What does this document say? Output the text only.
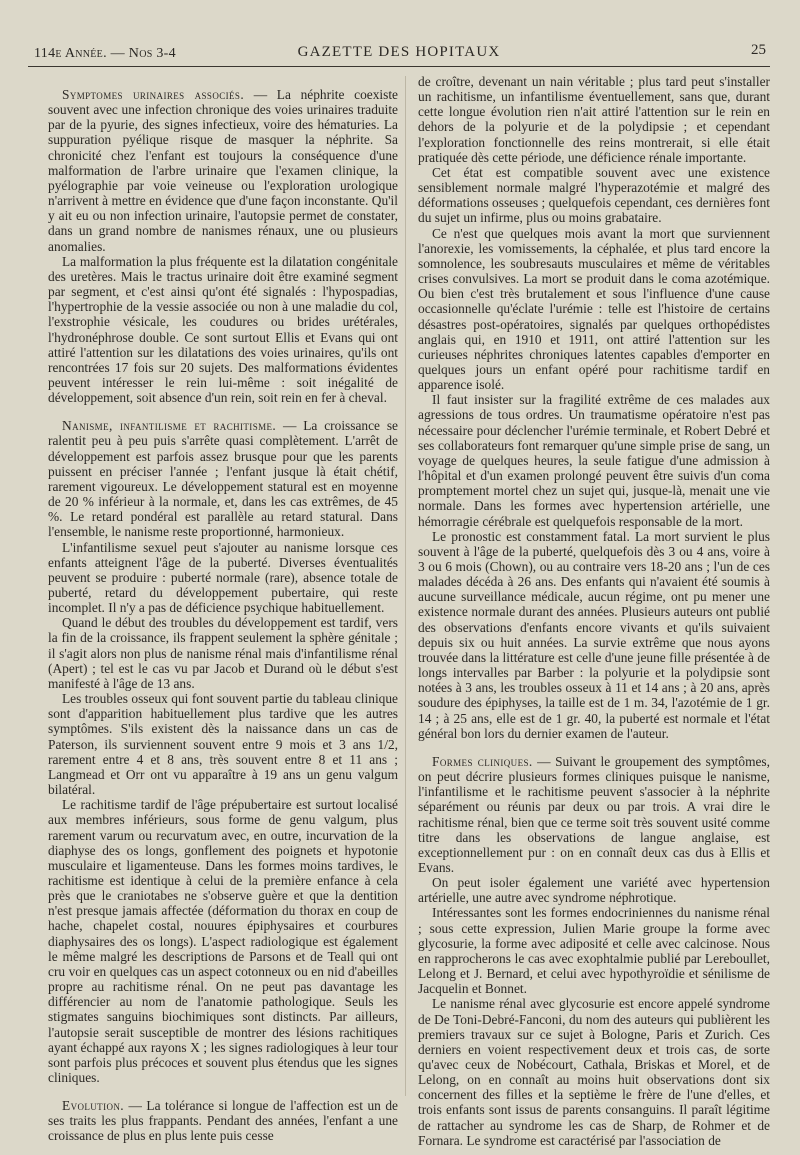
114e Année. — Nos 3-4	GAZETTE DES HOPITAUX	25

Symptomes urinaires associés. — La néphrite coexiste souvent avec une infection chronique des voies urinaires traduite par de la pyurie, des signes infectieux, voire des hématuries. La suppuration pyélique risque de masquer la néphrite. Sa chronicité chez l'enfant est toujours la conséquence d'une malformation de l'arbre urinaire que l'examen clinique, la pyélographie par voie veineuse ou l'exploration urologique n'arrivent à mettre en évidence que d'une façon inconstante. Qu'il y ait eu ou non infection urinaire, l'autopsie permet de constater, dans un grand nombre de nanismes rénaux, une ou plusieurs anomalies.

La malformation la plus fréquente est la dilatation congénitale des uretères. Mais le tractus urinaire doit être examiné segment par segment, et c'est ainsi qu'ont été signalés : l'hypospadias, l'hypertrophie de la vessie associée ou non à une maladie du col, l'exstrophie vésicale, les coudures ou brides urétérales, l'hydronéphrose double. Ce sont surtout Ellis et Evans qui ont attiré l'attention sur les dilatations des voies urinaires, qu'ils ont rencontrées 17 fois sur 20 sujets. Des malformations évidentes peuvent intéresser le rein lui-même : soit inégalité de développement, soit absence d'un rein, soit rein en fer à cheval.

Nanisme, infantilisme et rachitisme. — La croissance se ralentit peu à peu puis s'arrête quasi complètement. L'arrêt de développement est parfois assez brusque pour que les parents puissent en préciser l'année ; l'enfant jusque là était chétif, rarement vigoureux. Le développement statural est en moyenne de 20 % inférieur à la normale, et, dans les cas extrêmes, de 45 %. Le retard pondéral est parallèle au retard statural. Dans l'ensemble, le nanisme reste proportionné, harmonieux.

L'infantilisme sexuel peut s'ajouter au nanisme lorsque ces enfants atteignent l'âge de la puberté. Diverses éventualités peuvent se produire : puberté normale (rare), absence totale de puberté, retard du développement pubertaire, qui reste incomplet. Il n'y a pas de déficience psychique habituellement.

Quand le début des troubles du développement est tardif, vers la fin de la croissance, ils frappent seulement la sphère génitale ; il s'agit alors non plus de nanisme rénal mais d'infantilisme rénal (Apert) ; tel est le cas vu par Jacob et Durand où le début s'est manifesté à l'âge de 13 ans.

Les troubles osseux qui font souvent partie du tableau clinique sont d'apparition habituellement plus tardive que les autres symptômes. S'ils existent dès la naissance dans un cas de Paterson, ils surviennent souvent entre 9 mois et 3 ans 1/2, rarement entre 4 et 8 ans, très souvent entre 8 et 11 ans ; Langmead et Orr ont vu apparaître à 19 ans un genu valgum bilatéral.

Le rachitisme tardif de l'âge prépubertaire est surtout localisé aux membres inférieurs, sous forme de genu valgum, plus rarement varum ou recurvatum avec, en outre, incurvation de la diaphyse des os longs, gonflement des poignets et hypotonie musculaire et ligamenteuse. Dans les formes moins tardives, le rachitisme est identique à celui de la première enfance à cela près que le craniotabes ne s'observe guère et que la dentition n'est presque jamais affectée (déformation du thorax en coup de hache, chapelet costal, nouures épiphysaires et courbures diaphysaires des os longs). L'aspect radiologique est également le même malgré les descriptions de Parsons et de Teall qui ont cru voir en quelques cas un aspect cotonneux ou en nid d'abeilles propre au rachitisme rénal. On ne peut pas davantage les différencier au nom de l'anatomie pathologique. Seuls les stigmates sanguins biochimiques sont distincts. Par ailleurs, l'autopsie serait susceptible de montrer des lésions rachitiques ayant échappé aux rayons X ; les signes radiologiques à leur tour sont parfois plus précoces et souvent plus étendus que les signes cliniques.

Evolution. — La tolérance si longue de l'affection est un de ses traits les plus frappants. Pendant des années, l'enfant a une croissance de plus en plus lente puis cesse

de croître, devenant un nain véritable ; plus tard peut s'installer un rachitisme, un infantilisme éventuellement, sans que, durant cette longue évolution rien n'ait attiré l'attention sur le rein en dehors de la polyurie et de la polydipsie ; et cependant l'exploration fonctionnelle des reins montrerait, si elle était pratiquée dès cette période, une déficience rénale importante.

Cet état est compatible souvent avec une existence sensiblement normale malgré l'hyperazotémie et malgré des déformations osseuses ; quelquefois cependant, ces dernières font du sujet un infirme, plus ou moins grabataire.

Ce n'est que quelques mois avant la mort que surviennent l'anorexie, les vomissements, la céphalée, et plus tard encore la somnolence, les soubresauts musculaires et même de véritables crises convulsives. La mort se produit dans le coma azotémique. Ou bien c'est très brutalement et sous l'influence d'une cause occasionnelle qu'éclate l'urémie : telle est l'histoire de certains désastres post-opératoires, signalés par quelques orthopédistes anglais qui, en 1910 et 1911, ont attiré l'attention sur les curieuses néphrites chroniques latentes capables d'emporter en quelques jours un enfant opéré pour rachitisme tardif en apparence isolé.

Il faut insister sur la fragilité extrême de ces malades aux agressions de tous ordres. Un traumatisme opératoire n'est pas nécessaire pour déclencher l'urémie terminale, et Robert Debré et ses collaborateurs font remarquer qu'une simple prise de sang, un voyage de quelques heures, la seule fatigue d'une admission à l'hôpital et d'un examen prolongé peuvent être suivis d'un coma promptement mortel chez un sujet qui, jusque-là, menait une vie normale. Dans les formes avec hypertension artérielle, une hémorragie cérébrale est quelquefois responsable de la mort.

Le pronostic est constamment fatal. La mort survient le plus souvent à l'âge de la puberté, quelquefois dès 3 ou 4 ans, voire à 3 ou 6 mois (Chown), ou au contraire vers 18-20 ans ; l'un de ces malades décéda à 26 ans. Des enfants qui n'avaient été soumis à aucune surveillance médicale, aucun régime, ont pu mener une existence normale durant des années. Plusieurs auteurs ont publié des observations d'enfants encore vivants et qu'ils suivaient depuis six ou huit années. La survie extrême que nous ayons trouvée dans la littérature est celle d'une jeune fille présentée à de longs intervalles par Barber : la polyurie et la polydipsie sont notées à 3 ans, les troubles osseux à 11 et 14 ans ; à 20 ans, après soudure des épiphyses, la taille est de 1 m. 34, l'azotémie de 1 gr. 14 ; à 25 ans, elle est de 1 gr. 40, la puberté est normale et l'état général bon lors du dernier examen de l'auteur.

Formes cliniques. — Suivant le groupement des symptômes, on peut décrire plusieurs formes cliniques puisque le nanisme, l'infantilisme et le rachitisme peuvent s'associer à la néphrite séparément ou réunis par deux ou par trois. A vrai dire le rachitisme rénal, bien que ce terme soit très souvent usité comme titre dans les observations de langue anglaise, est exceptionnellement pur : on en connaît deux cas dus à Ellis et Evans.

On peut isoler également une variété avec hypertension artérielle, une autre avec syndrome néphrotique.

Intéressantes sont les formes endocriniennes du nanisme rénal ; sous cette expression, Julien Marie groupe la forme avec glycosurie, la forme avec adiposité et celle avec calcinose. Nous en rapprocherons le cas avec exophtalmie publié par Lereboullet, Lelong et J. Bernard, et celui avec hypothyroïdie et sénilisme de Jacquelin et Bonnet.

Le nanisme rénal avec glycosurie est encore appelé syndrome de De Toni-Debré-Fanconi, du nom des auteurs qui publièrent les premiers travaux sur ce sujet à Bologne, Paris et Zurich. Ces derniers en voient respectivement deux et trois cas, de sorte qu'avec ceux de Nobécourt, Cathala, Briskas et Morel, et de Lelong, on en connaît au moins huit observations dont six concernent des filles et la septième le frère de l'une d'elles, et trois enfants sont issus de parents consanguins. Il paraît légitime de rattacher au syndrome les cas de Sharp, de Rohmer et de Fornara. Le syndrome est caractérisé par l'association de
